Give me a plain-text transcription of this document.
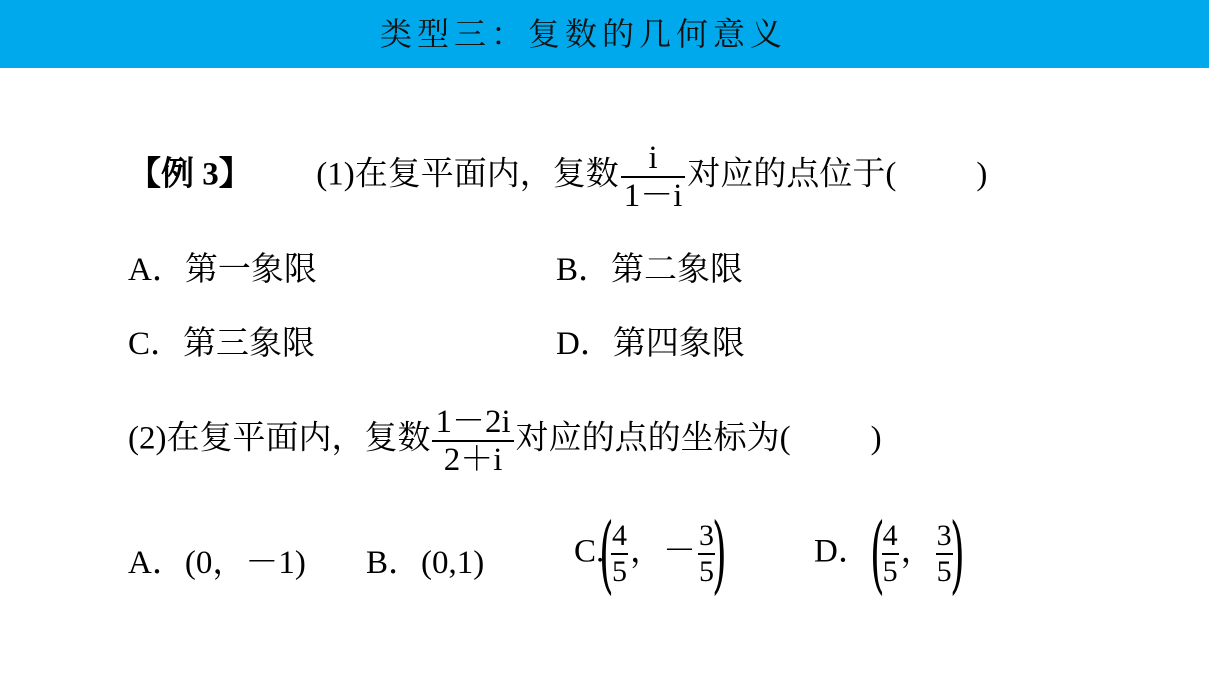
类型三：复数的几何意义
【例 3】 (1)在复平面内，复数 $\frac{i}{1-i}$ 对应的点位于( )
A．第一象限	B．第二象限
C．第三象限	D．第四象限
(2)在复平面内，复数 $\frac{1-2i}{2+i}$ 对应的点的坐标为( )
A．(0，－1) B．(0,1)	C.(
$\frac{4}{5}$ ，－ $\frac{3}{5}$
)	D．(
$\frac{4}{5}$ ， $\frac{3}{5}$
)
